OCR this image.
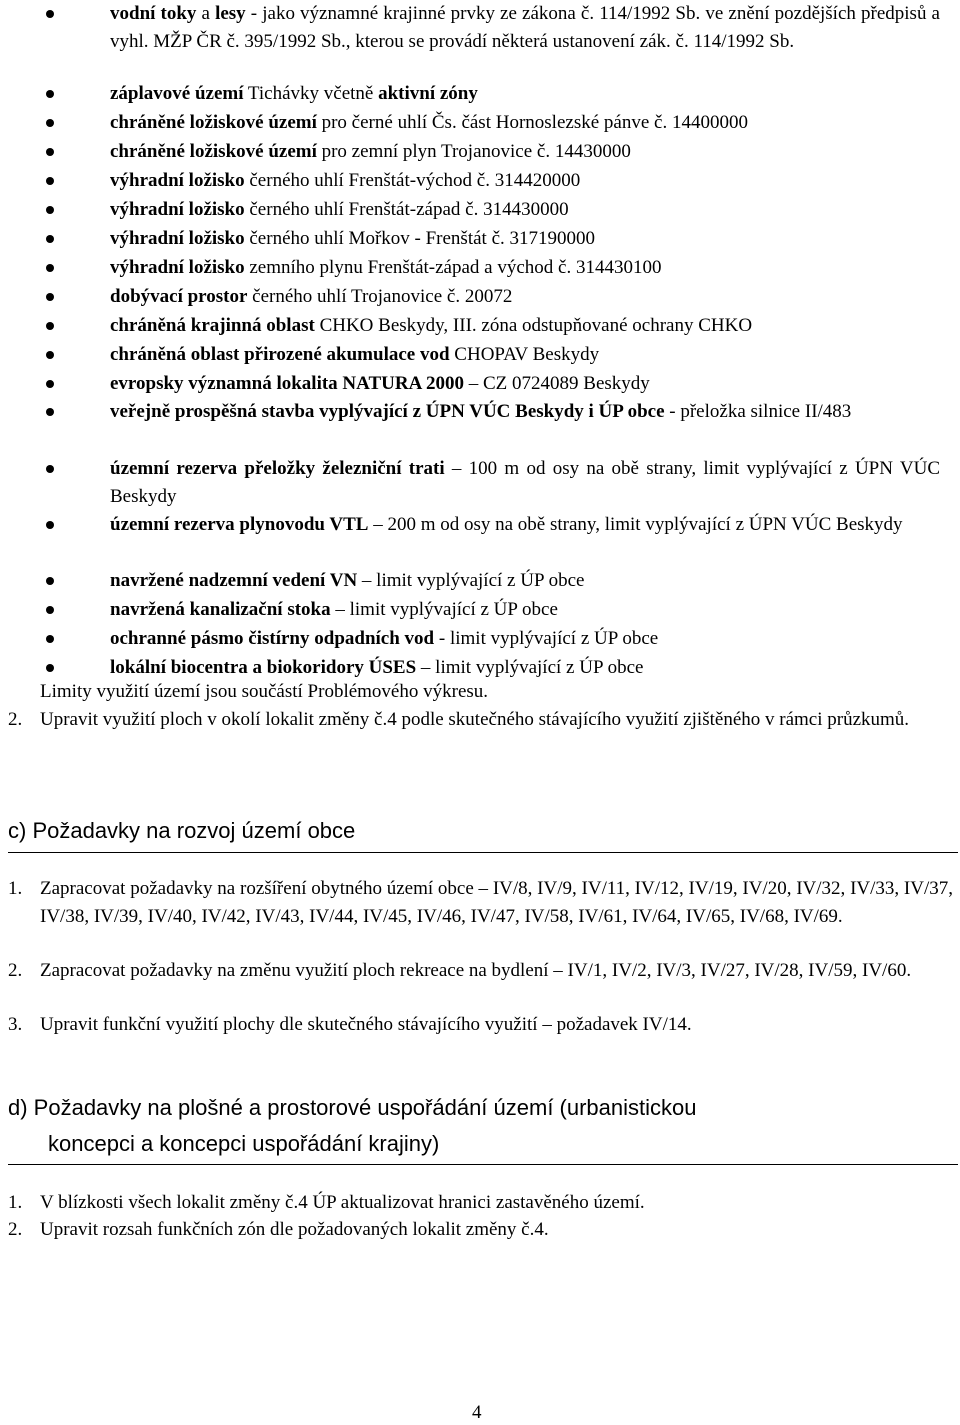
vodní toky a lesy - jako významné krajinné prvky ze zákona č. 114/1992 Sb. ve znění pozdějších předpisů a vyhl. MŽP ČR č. 395/1992 Sb., kterou se provádí některá ustanovení zák. č. 114/1992 Sb.
záplavové území Tichávky včetně aktivní zóny
chráněné ložiskové území pro černé uhlí Čs. část Hornoslezské pánve č. 14400000
chráněné ložiskové území pro zemní plyn Trojanovice č. 14430000
výhradní ložisko černého uhlí Frenštát-východ č. 314420000
výhradní ložisko černého uhlí Frenštát-západ č. 314430000
výhradní ložisko černého uhlí Mořkov - Frenštát č. 317190000
výhradní ložisko zemního plynu Frenštát-západ a východ č. 314430100
dobývací prostor černého uhlí Trojanovice č. 20072
chráněná krajinná oblast CHKO Beskydy, III. zóna odstupňované ochrany CHKO
chráněná oblast přirozené akumulace vod CHOPAV Beskydy
evropsky významná lokalita NATURA 2000 – CZ 0724089 Beskydy
veřejně prospěšná stavba vyplývající z ÚPN VÚC Beskydy i ÚP obce - přeložka silnice II/483
územní rezerva přeložky železniční trati – 100 m od osy na obě strany, limit vyplývající z ÚPN VÚC Beskydy
územní rezerva plynovodu VTL – 200 m od osy na obě strany, limit vyplývající z ÚPN VÚC Beskydy
navržené nadzemní vedení VN – limit vyplývající z ÚP obce
navržená kanalizační stoka – limit vyplývající z ÚP obce
ochranné pásmo čistírny odpadních vod - limit vyplývající z ÚP obce
lokální biocentra a biokoridory ÚSES – limit vyplývající z ÚP obce
Limity využití území jsou součástí Problémového výkresu.
2. Upravit využití ploch v okolí lokalit změny č.4 podle skutečného stávajícího využití zjištěného v rámci průzkumů.
c) Požadavky na rozvoj území obce
1. Zapracovat požadavky na rozšíření obytného území obce – IV/8, IV/9, IV/11, IV/12, IV/19, IV/20, IV/32, IV/33, IV/37, IV/38, IV/39, IV/40, IV/42, IV/43, IV/44, IV/45, IV/46, IV/47, IV/58, IV/61, IV/64, IV/65, IV/68, IV/69.
2. Zapracovat požadavky na změnu využití ploch rekreace na bydlení – IV/1, IV/2, IV/3, IV/27, IV/28, IV/59, IV/60.
3. Upravit funkční využití plochy dle skutečného stávajícího využití – požadavek IV/14.
d) Požadavky na plošné a prostorové uspořádání území (urbanistickou
koncepci a koncepci uspořádání krajiny)
1. V blízkosti všech lokalit změny č.4 ÚP aktualizovat hranici zastavěného území.
2. Upravit rozsah funkčních zón dle požadovaných lokalit změny č.4.
4
